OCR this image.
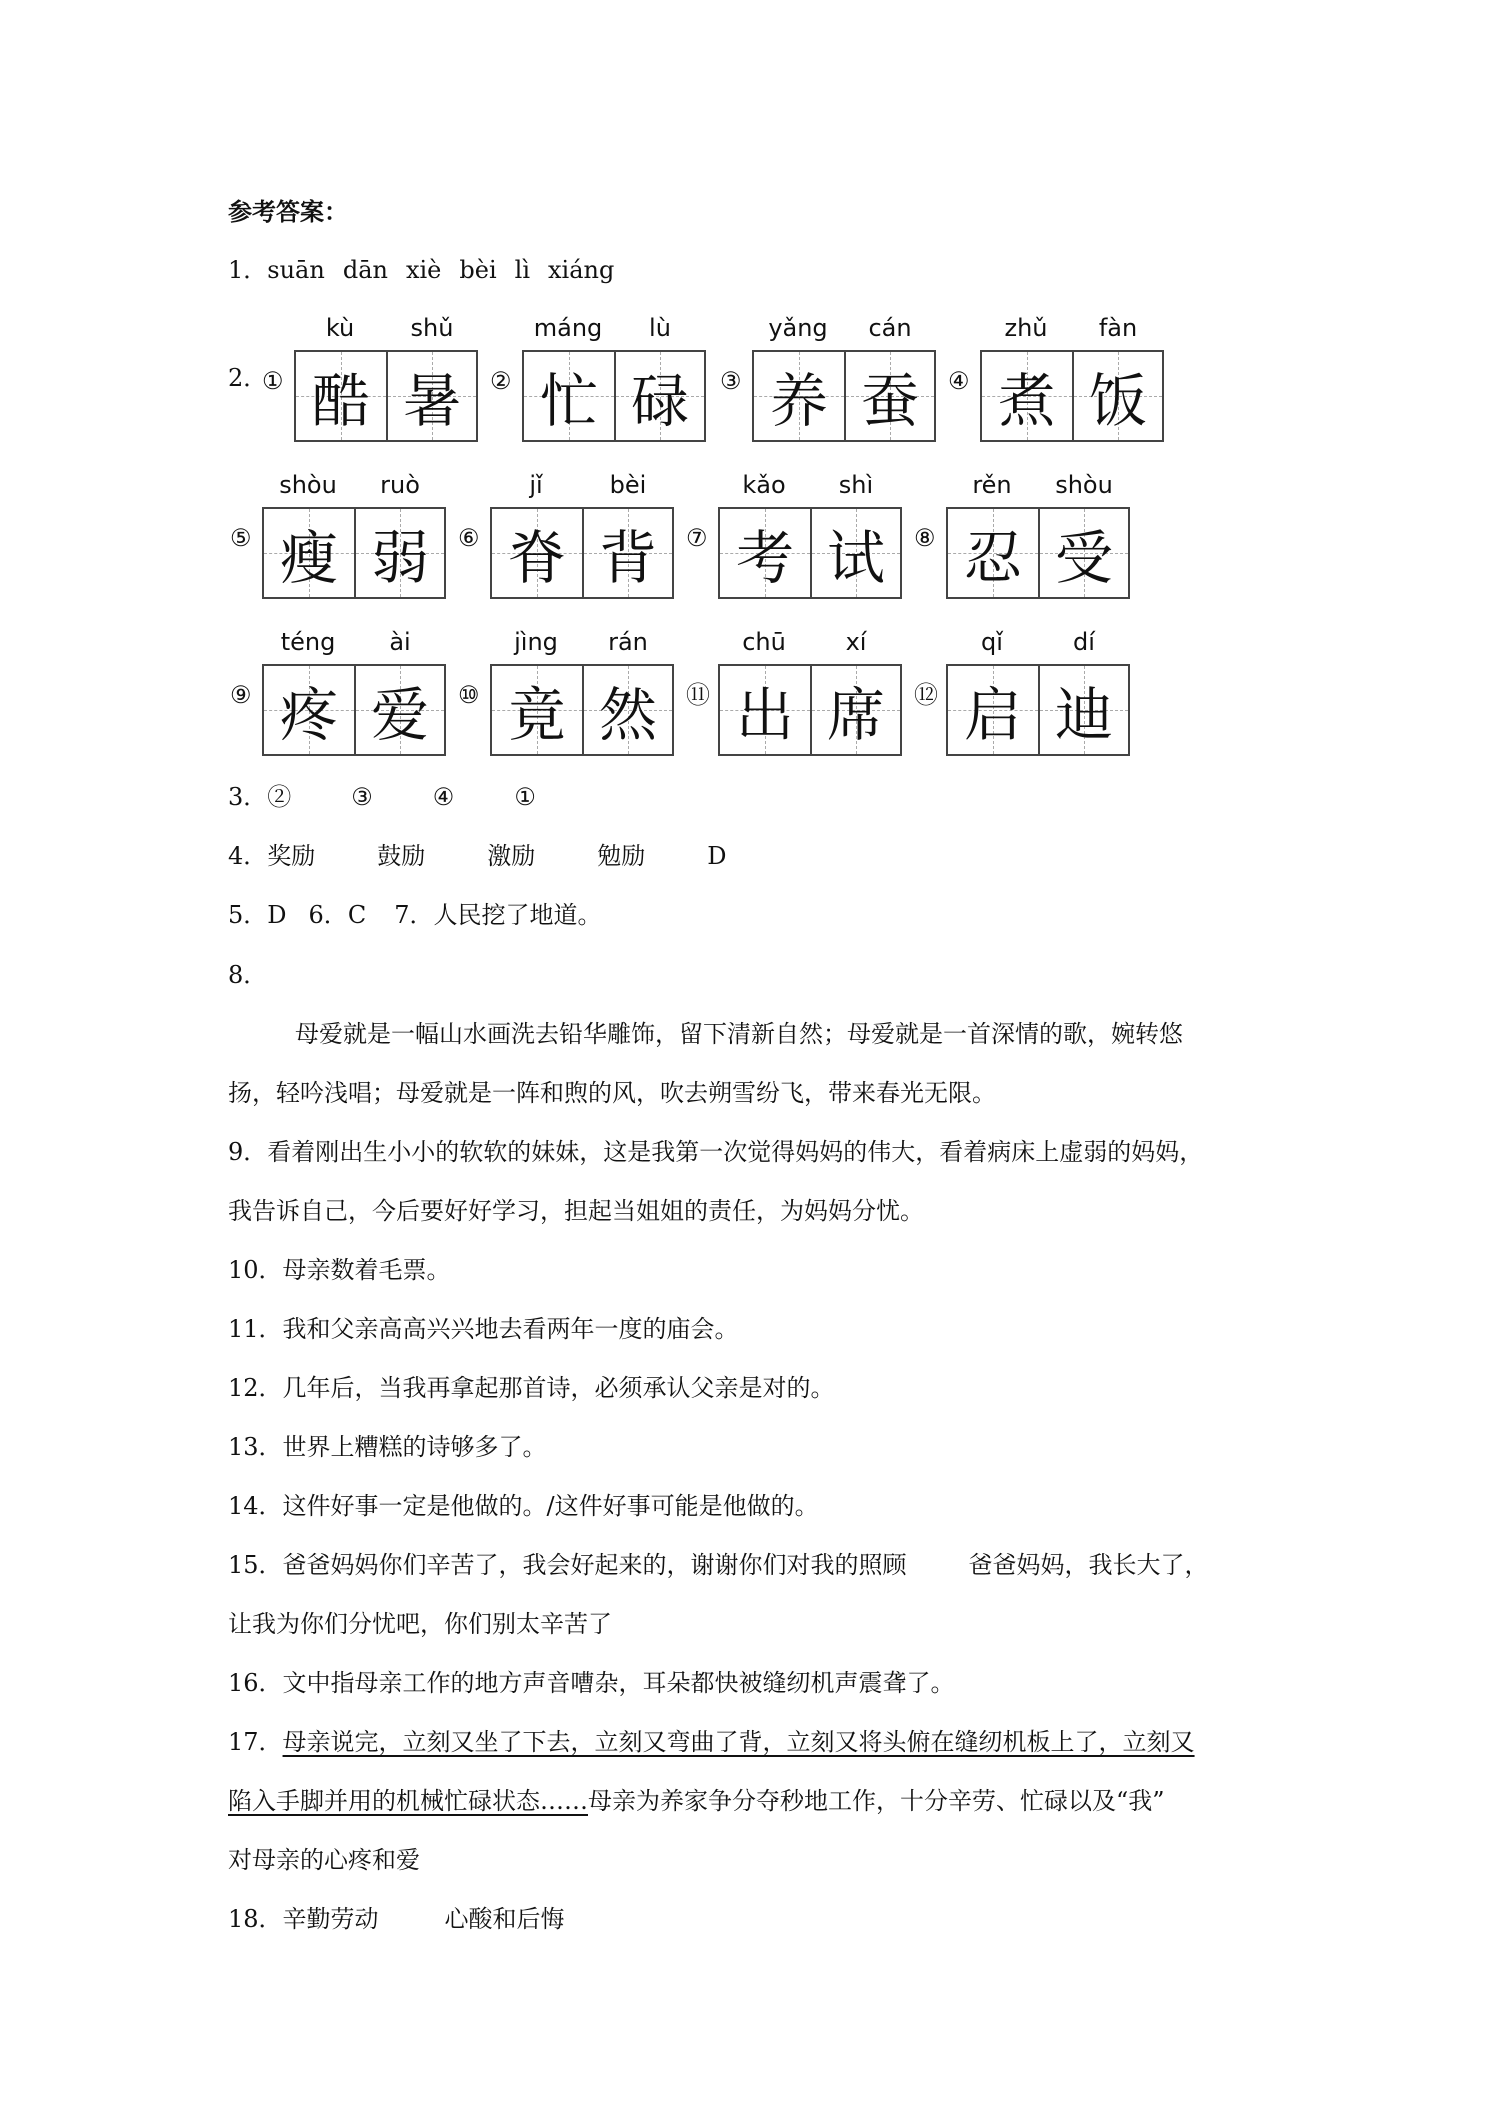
参考答案：
1．suān dān xiè bèi lì xiáng
2．
①
kù	shǔ
酷 暑	②
máng	lù
忙 碌	③
yǎng	cán
养 蚕	④
zhǔ	fàn
煮 饭
⑤
shòu	ruò
瘦 弱	⑥
jǐ	bèi
脊 背	⑦
kǎo	shì
考 试	⑧
rěn	shòu
忍 受
⑨
téng	ài
疼 爱	⑩
jìng	rán
竟 然	⑪
chū	xí
出 席	⑫
qǐ	dí
启 迪
3．②	③	④	①
4．奖励	鼓励	激励	勉励	D
5．D 6．C 7．人民挖了地道。
8．
母爱就是一幅山水画洗去铅华雕饰，留下清新自然；母爱就是一首深情的歌，婉转悠
扬，轻吟浅唱；母爱就是一阵和煦的风，吹去朔雪纷飞，带来春光无限。
9．看着刚出生小小的软软的妹妹，这是我第一次觉得妈妈的伟大，看着病床上虚弱的妈妈，
我告诉自己，今后要好好学习，担起当姐姐的责任，为妈妈分忧。
10．母亲数着毛票。
11．我和父亲高高兴兴地去看两年一度的庙会。
12．几年后，当我再拿起那首诗，必须承认父亲是对的。
13．世界上糟糕的诗够多了。
14．这件好事一定是他做的。/这件好事可能是他做的。
15．爸爸妈妈你们辛苦了，我会好起来的，谢谢你们对我的照顾	爸爸妈妈，我长大了，
让我为你们分忧吧，你们别太辛苦了
16．文中指母亲工作的地方声音嘈杂，耳朵都快被缝纫机声震聋了。
17．母亲说完，立刻又坐了下去，立刻又弯曲了背，立刻又将头俯在缝纫机板上了，立刻又
陷入手脚并用的机械忙碌状态……母亲为养家争分夺秒地工作，十分辛劳、忙碌以及“我”
对母亲的心疼和爱
18．辛勤劳动	心酸和后悔
